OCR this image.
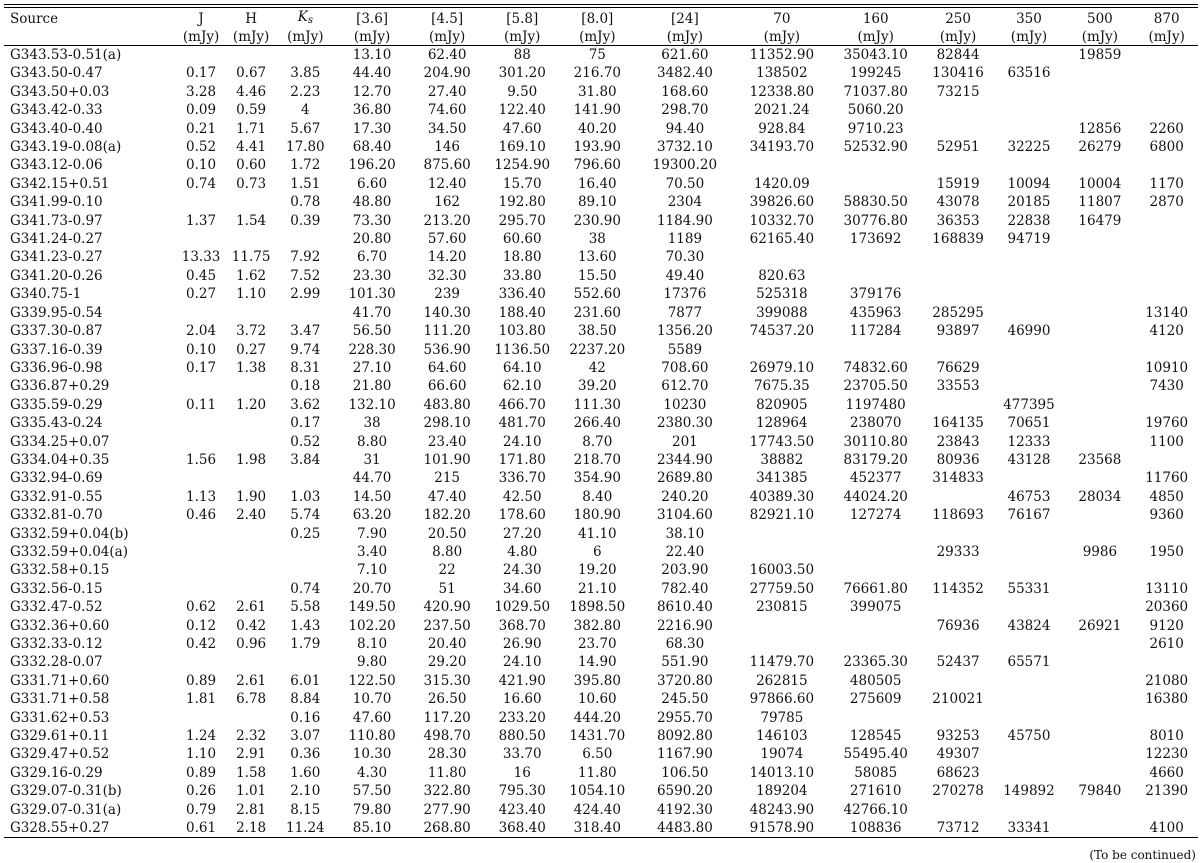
Source	J	H	Ks	[3.6]	[4.5]	[5.8]	[8.0]	[24]	70	160	250	350	500	870
	(mJy)	(mJy)	(mJy)	(mJy)	(mJy)	(mJy)	(mJy)	(mJy)	(mJy)	(mJy)	(mJy)	(mJy)	(mJy)	(mJy)
G343.53-0.51(a)				13.10	62.40	88	75	621.60	11352.90	35043.10	82844		19859	
G343.50-0.47	0.17	0.67	3.85	44.40	204.90	301.20	216.70	3482.40	138502	199245	130416	63516		
G343.50+0.03	3.28	4.46	2.23	12.70	27.40	9.50	31.80	168.60	12338.80	71037.80	73215			
G343.42-0.33	0.09	0.59	4	36.80	74.60	122.40	141.90	298.70	2021.24	5060.20				
G343.40-0.40	0.21	1.71	5.67	17.30	34.50	47.60	40.20	94.40	928.84	9710.23			12856	2260
G343.19-0.08(a)	0.52	4.41	17.80	68.40	146	169.10	193.90	3732.10	34193.70	52532.90	52951	32225	26279	6800
G343.12-0.06	0.10	0.60	1.72	196.20	875.60	1254.90	796.60	19300.20						
G342.15+0.51	0.74	0.73	1.51	6.60	12.40	15.70	16.40	70.50	1420.09		15919	10094	10004	1170
G341.99-0.10			0.78	48.80	162	192.80	89.10	2304	39826.60	58830.50	43078	20185	11807	2870
G341.73-0.97	1.37	1.54	0.39	73.30	213.20	295.70	230.90	1184.90	10332.70	30776.80	36353	22838	16479	
G341.24-0.27				20.80	57.60	60.60	38	1189	62165.40	173692	168839	94719		
G341.23-0.27	13.33	11.75	7.92	6.70	14.20	18.80	13.60	70.30						
G341.20-0.26	0.45	1.62	7.52	23.30	32.30	33.80	15.50	49.40	820.63					
G340.75-1	0.27	1.10	2.99	101.30	239	336.40	552.60	17376	525318	379176				
G339.95-0.54				41.70	140.30	188.40	231.60	7877	399088	435963	285295			13140
G337.30-0.87	2.04	3.72	3.47	56.50	111.20	103.80	38.50	1356.20	74537.20	117284	93897	46990		4120
G337.16-0.39	0.10	0.27	9.74	228.30	536.90	1136.50	2237.20	5589						
G336.96-0.98	0.17	1.38	8.31	27.10	64.60	64.10	42	708.60	26979.10	74832.60	76629			10910
G336.87+0.29			0.18	21.80	66.60	62.10	39.20	612.70	7675.35	23705.50	33553			7430
G335.59-0.29	0.11	1.20	3.62	132.10	483.80	466.70	111.30	10230	820905	1197480		477395		
G335.43-0.24			0.17	38	298.10	481.70	266.40	2380.30	128964	238070	164135	70651		19760
G334.25+0.07			0.52	8.80	23.40	24.10	8.70	201	17743.50	30110.80	23843	12333		1100
G334.04+0.35	1.56	1.98	3.84	31	101.90	171.80	218.70	2344.90	38882	83179.20	80936	43128	23568	
G332.94-0.69				44.70	215	336.70	354.90	2689.80	341385	452377	314833			11760
G332.91-0.55	1.13	1.90	1.03	14.50	47.40	42.50	8.40	240.20	40389.30	44024.20		46753	28034	4850
G332.81-0.70	0.46	2.40	5.74	63.20	182.20	178.60	180.90	3104.60	82921.10	127274	118693	76167		9360
G332.59+0.04(b)			0.25	7.90	20.50	27.20	41.10	38.10						
G332.59+0.04(a)				3.40	8.80	4.80	6	22.40			29333		9986	1950
G332.58+0.15				7.10	22	24.30	19.20	203.90	16003.50					
G332.56-0.15			0.74	20.70	51	34.60	21.10	782.40	27759.50	76661.80	114352	55331		13110
G332.47-0.52	0.62	2.61	5.58	149.50	420.90	1029.50	1898.50	8610.40	230815	399075				20360
G332.36+0.60	0.12	0.42	1.43	102.20	237.50	368.70	382.80	2216.90			76936	43824	26921	9120
G332.33-0.12	0.42	0.96	1.79	8.10	20.40	26.90	23.70	68.30						2610
G332.28-0.07				9.80	29.20	24.10	14.90	551.90	11479.70	23365.30	52437	65571		
G331.71+0.60	0.89	2.61	6.01	122.50	315.30	421.90	395.80	3720.80	262815	480505				21080
G331.71+0.58	1.81	6.78	8.84	10.70	26.50	16.60	10.60	245.50	97866.60	275609	210021			16380
G331.62+0.53			0.16	47.60	117.20	233.20	444.20	2955.70	79785					
G329.61+0.11	1.24	2.32	3.07	110.80	498.70	880.50	1431.70	8092.80	146103	128545	93253	45750		8010
G329.47+0.52	1.10	2.91	0.36	10.30	28.30	33.70	6.50	1167.90	19074	55495.40	49307			12230
G329.16-0.29	0.89	1.58	1.60	4.30	11.80	16	11.80	106.50	14013.10	58085	68623			4660
G329.07-0.31(b)	0.26	1.01	2.10	57.50	322.80	795.30	1054.10	6590.20	189204	271610	270278	149892	79840	21390
G329.07-0.31(a)	0.79	2.81	8.15	79.80	277.90	423.40	424.40	4192.30	48243.90	42766.10				
G328.55+0.27	0.61	2.18	11.24	85.10	268.80	368.40	318.40	4483.80	91578.90	108836	73712	33341		4100
(To be continued)
